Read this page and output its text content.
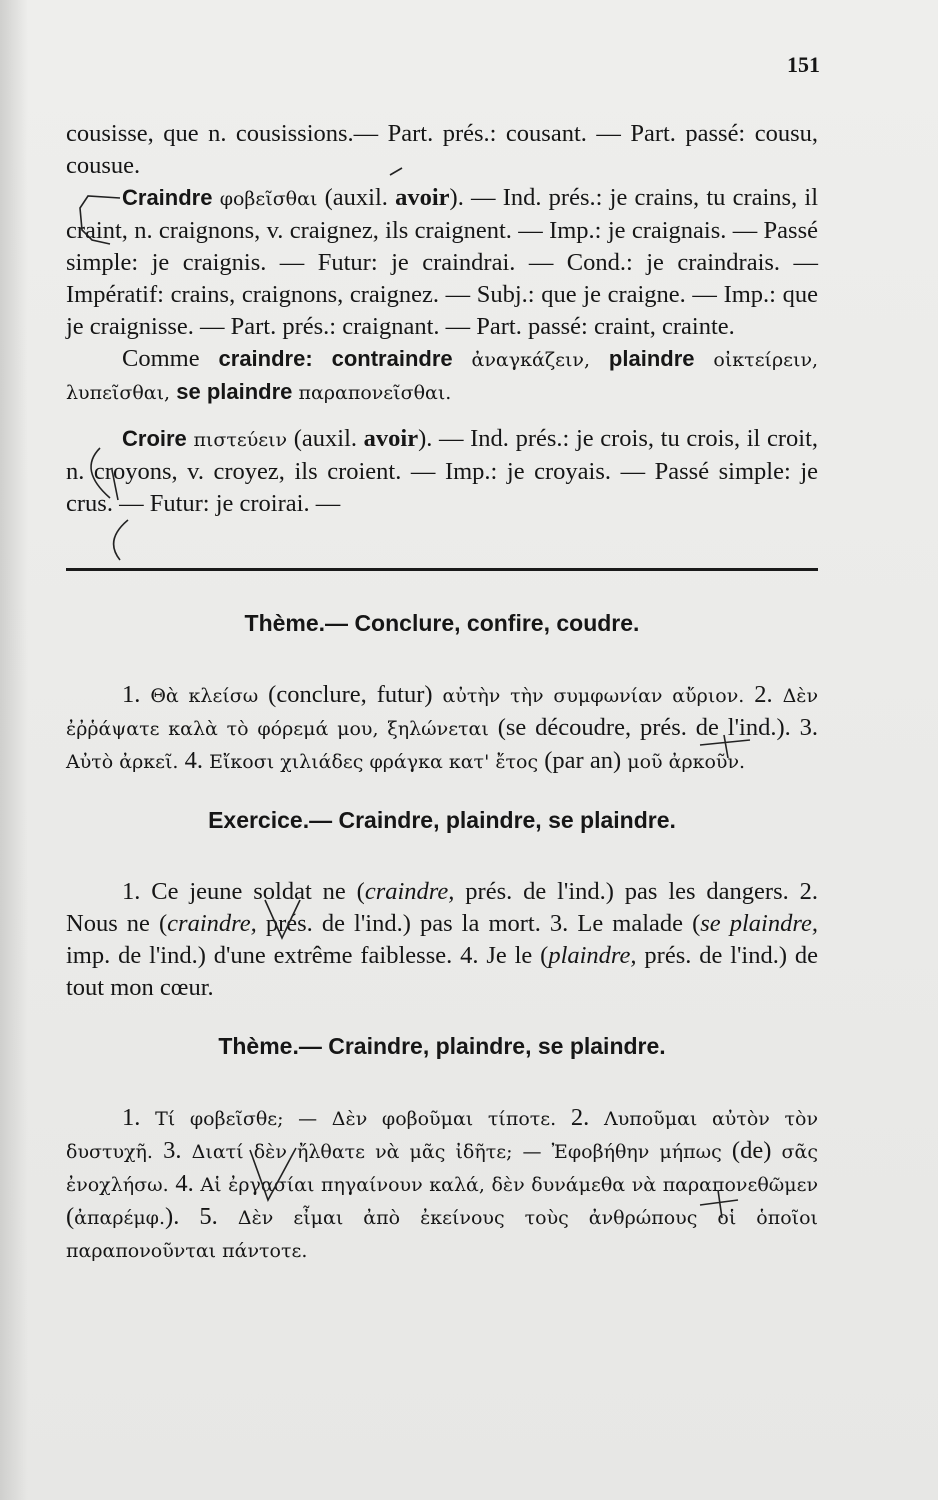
151

cousisse, que n. cousissions.— Part. prés.: cousant. — Part. passé: cousu, cousue.

Craindre φοβεῖσθαι (auxil. avoir). — Ind. prés.: je crains, tu crains, il craint, n. craignons, v. craignez, ils craignent. — Imp.: je craignais. — Passé simple: je craignis. — Futur: je craindrai. — Cond.: je craindrais. — Impératif: crains, craignons, craignez. — Subj.: que je craigne. — Imp.: que je craignisse. — Part. prés.: craignant. — Part. passé: craint, crainte.

Comme craindre: contraindre ἀναγκάζειν, plaindre οἰκτείρειν, λυπεῖσθαι, se plaindre παραπονεῖσθαι.

Croire πιστεύειν (auxil. avoir). — Ind. prés.: je crois, tu crois, il croit, n. croyons, v. croyez, ils croient. — Imp.: je croyais. — Passé simple: je crus. — Futur: je croirai. —

Thème.— Conclure, confire, coudre.

1. Θὰ κλείσω (conclure, futur) αὐτὴν τὴν συμφωνίαν αὔριον. 2. Δὲν ἐῤῥάψατε καλὰ τὸ φόρεμά μου, ξηλώνεται (se découdre, prés. de l'ind.). 3. Αὐτὸ ἀρκεῖ. 4. Εἴκοσι χιλιάδες φράγκα κατ' ἔτος (par an) μοῦ ἀρκοῦν.

Exercice.— Craindre, plaindre, se plaindre.

1. Ce jeune soldat ne (craindre, prés. de l'ind.) pas les dangers. 2. Nous ne (craindre, prés. de l'ind.) pas la mort. 3. Le malade (se plaindre, imp. de l'ind.) d'une extrême faiblesse. 4. Je le (plaindre, prés. de l'ind.) de tout mon cœur.

Thème.— Craindre, plaindre, se plaindre.

1. Τί φοβεῖσθε; — Δὲν φοβοῦμαι τίποτε. 2. Λυποῦμαι αὐτὸν τὸν δυστυχῆ. 3. Διατί δὲν ἤλθατε νὰ μᾶς ἰδῆτε; — Ἐφοβήθην μήπως (de) σᾶς ἐνοχλήσω. 4. Αἱ ἐργασίαι πηγαίνουν καλά, δὲν δυνάμεθα νὰ παραπονεθῶμεν (ἀπαρέμφ.). 5. Δὲν εἶμαι ἀπὸ ἐκείνους τοὺς ἀνθρώπους οἱ ὁποῖοι παραπονοῦνται πάντοτε.
